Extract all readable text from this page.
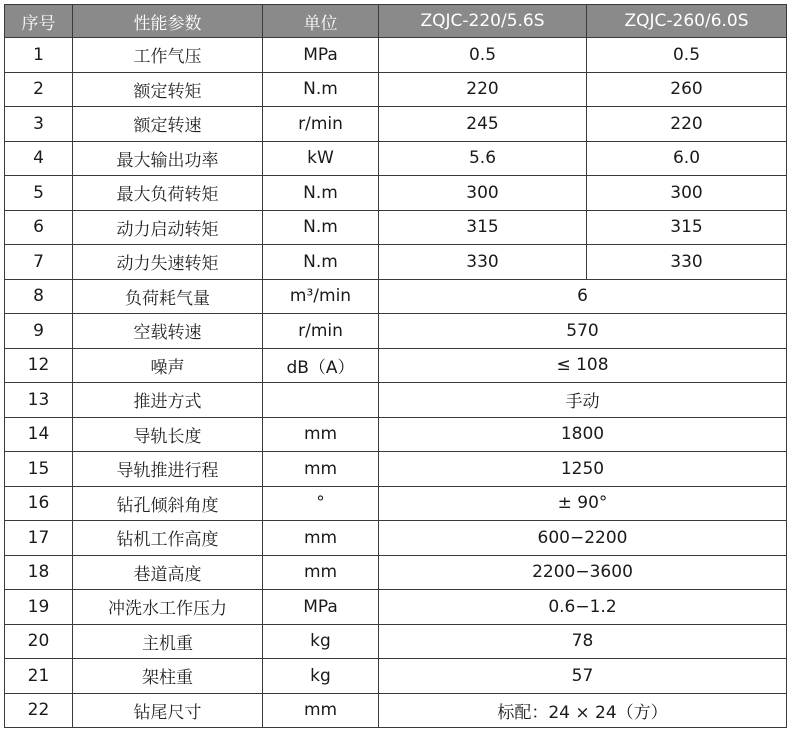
序号	性能参数	单位	ZQJC-220/5.6S	ZQJC-260/6.0S
1	工作气压	MPa	0.5	0.5
2	额定转矩	N.m	220	260
3	额定转速	r/min	245	220
4	最大输出功率	kW	5.6	6.0
5	最大负荷转矩	N.m	300	300
6	动力启动转矩	N.m	315	315
7	动力失速转矩	N.m	330	330
8	负荷耗气量	m³/min	6	
9	空载转速	r/min	570	
12	噪声	dB（A）	≤ 108	
13	推进方式		手动	
14	导轨长度	mm	1800	
15	导轨推进行程	mm	1250	
16	钻孔倾斜角度	°	± 90°	
17	钻机工作高度	mm	600−2200	
18	巷道高度	mm	2200−3600	
19	冲洗水工作压力	MPa	0.6−1.2	
20	主机重	kg	78	
21	架柱重	kg	57	
22	钻尾尺寸	mm	标配：24 × 24（方）	
